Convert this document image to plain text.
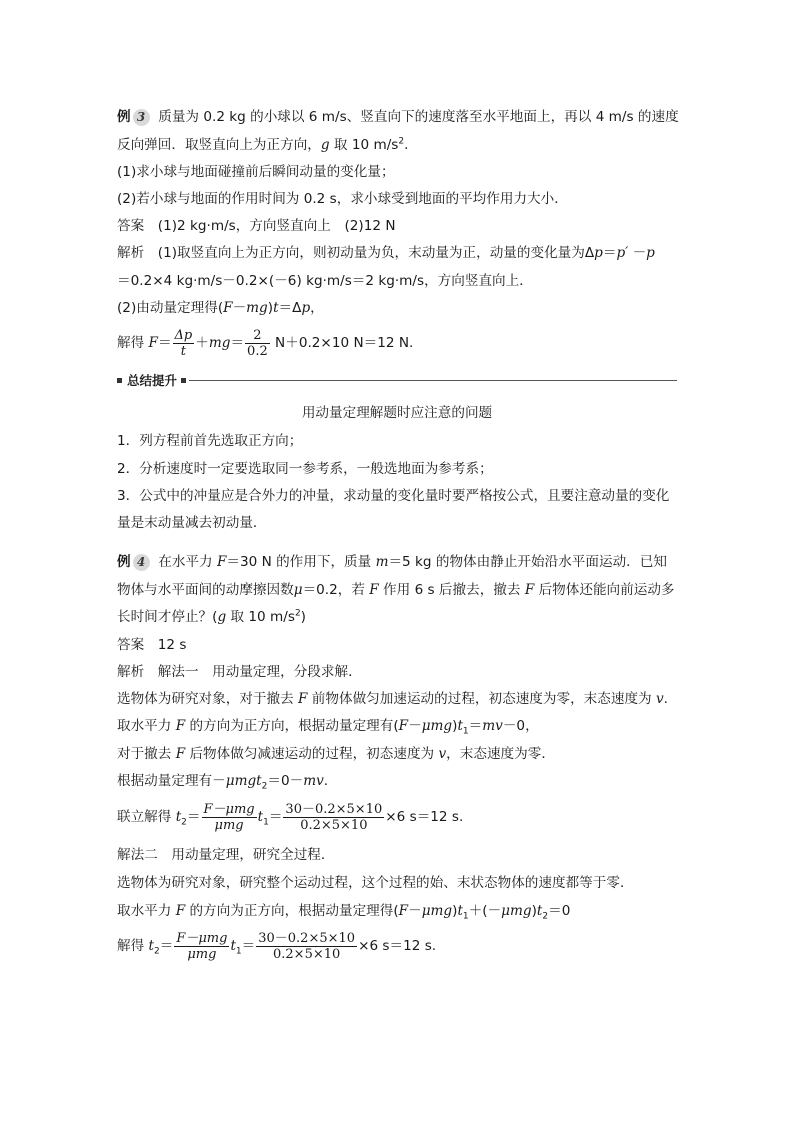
例 3 质量为 0.2 kg 的小球以 6 m/s、竖直向下的速度落至水平地面上，再以 4 m/s 的速度
反向弹回．取竖直向上为正方向，g 取 10 $m/s^2$.
(1)求小球与地面碰撞前后瞬间动量的变化量；
(2)若小球与地面的作用时间为 0.2 s，求小球受到地面的平均作用力大小．
答案　(1)2 kg·m/s，方向竖直向上　(2)12 N
解析　(1)取竖直向上为正方向，则初动量为负，末动量为正，动量的变化量为Δp＝p′ －p
＝0.2×4 kg·m/s－0.2×(－6) kg·m/s＝2 kg·m/s，方向竖直向上．
(2)由动量定理得(F－mg)t＝Δp，
解得 $F= \frac{\Delta p}{t} +mg= \frac{2}{0.2} N+0.2\times 10$ N＝12 N.
总结提升
用动量定理解题时应注意的问题
1．列方程前首先选取正方向；
2．分析速度时一定要选取同一参考系，一般选地面为参考系；
3．公式中的冲量应是合外力的冲量，求动量的变化量时要严格按公式，且要注意动量的变化
量是末动量减去初动量．
例 4 在水平力 F＝30 N 的作用下，质量 m＝5 kg 的物体由静止开始沿水平面运动．已知
物体与水平面间的动摩擦因数μ＝0.2，若 F 作用 6 s 后撤去，撤去 F 后物体还能向前运动多
长时间才停止？(g 取 10 $m/s^2$)
答案　12 s
解析　解法一　用动量定理，分段求解．
选物体为研究对象，对于撤去 F 前物体做匀加速运动的过程，初态速度为零，末态速度为 v.
取水平力 F 的方向为正方向，根据动量定理有$(F-\mu mg)t_1=mv-0$，
对于撤去 F 后物体做匀减速运动的过程，初态速度为 v，末态速度为零．
根据动量定理有－μmgt$_2$＝0－mv.
联立解得 $t_2= \frac{\text{F－μmg}}{\text{μmg}} t_1= \frac{30-0.2\times 5\times 10}{0.2\times 5\times 10} \times 6$ s＝12 s.
解法二　用动量定理，研究全过程．
选物体为研究对象，研究整个运动过程，这个过程的始、末状态物体的速度都等于零．
取水平力 F 的方向为正方向，根据动量定理得$(F-\mu mg)t_1+(-\mu mg)t_2=0$
解得 $t_2= \frac{\text{F－μmg}}{\text{μmg}} t_1= \frac{30-0.2\times 5\times 10}{0.2\times 5\times 10} \times 6$ s＝12 s.
